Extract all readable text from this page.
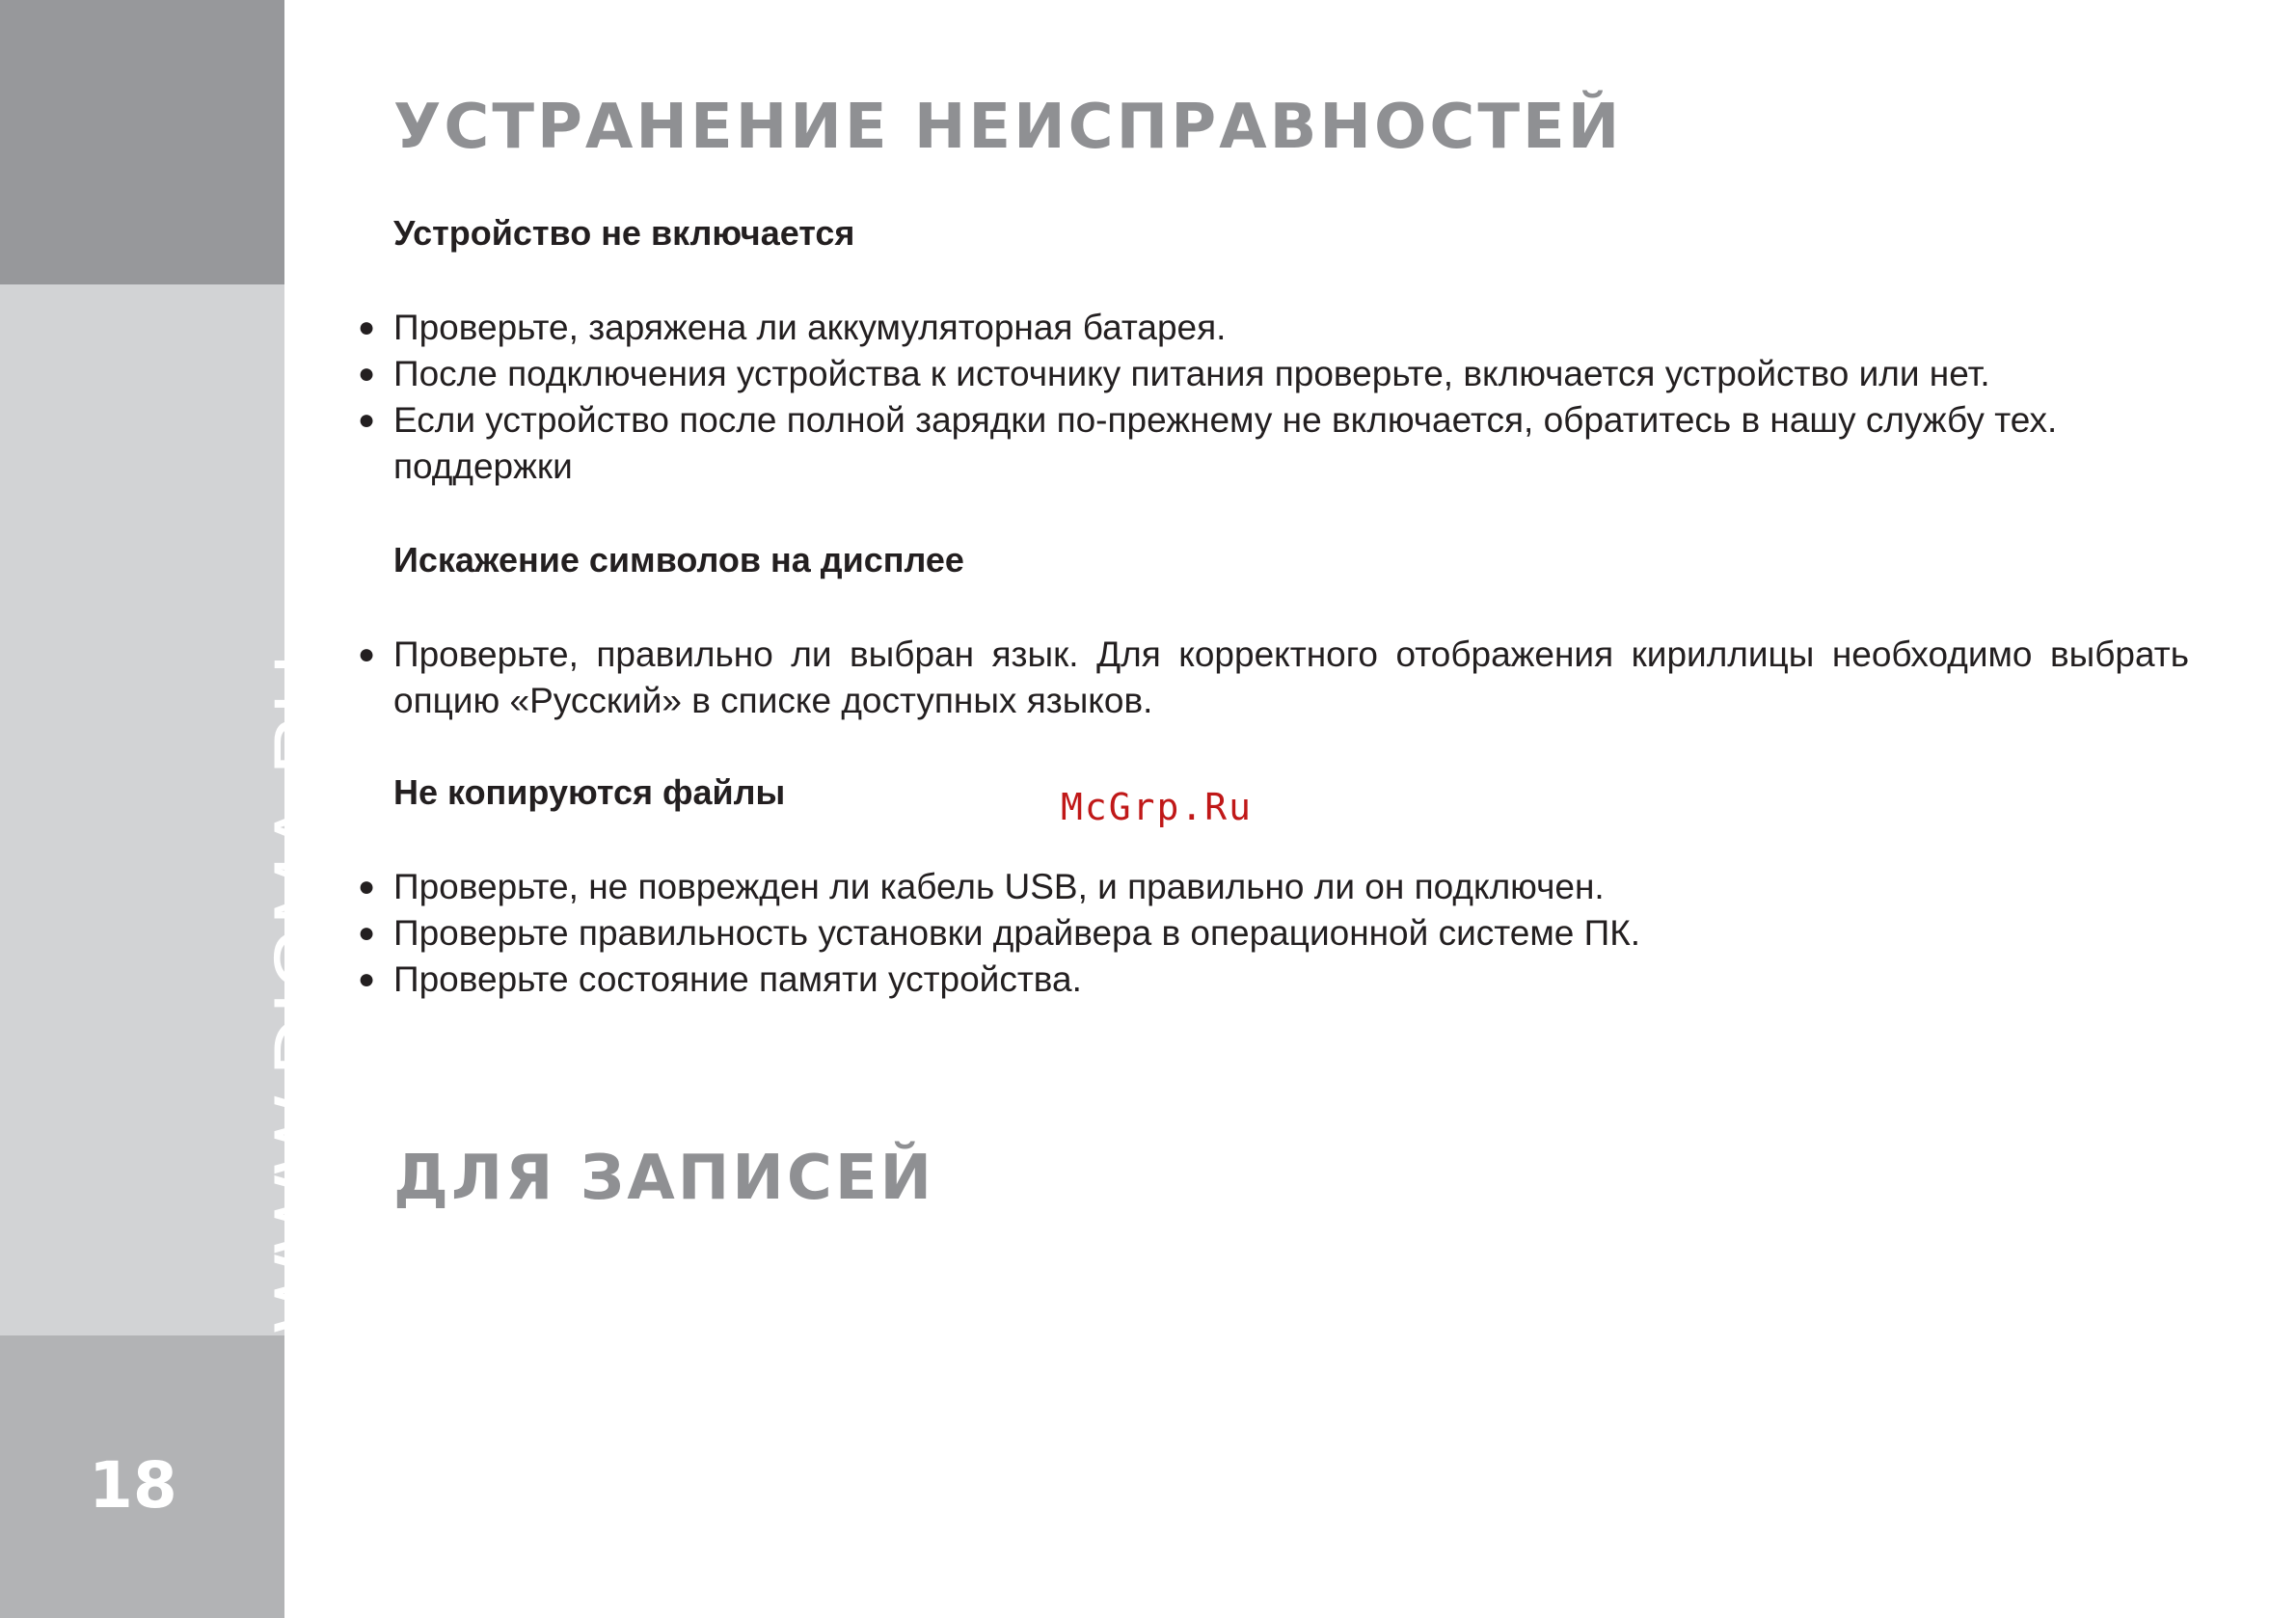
WWW.DIGMA.RU
18
УСТРАНЕНИЕ НЕИСПРАВНОСТЕЙ
Устройство не включается
● Проверьте, заряжена ли аккумуляторная батарея.
● После подключения устройства к источнику питания проверьте, включается устройство или нет.
● Если устройство после полной зарядки по-прежнему не включается, обратитесь в нашу службу тех. поддержки
Искажение символов на дисплее
● Проверьте, правильно ли выбран язык. Для корректного отображения кириллицы необходимо выбрать опцию «Русский» в списке доступных языков.
Не копируются файлы
● Проверьте, не поврежден ли кабель USB, и правильно ли он подключен.
● Проверьте правильность установки драйвера в операционной системе ПК.
● Проверьте состояние памяти устройства.
ДЛЯ ЗАПИСЕЙ
McGrp.Ru
